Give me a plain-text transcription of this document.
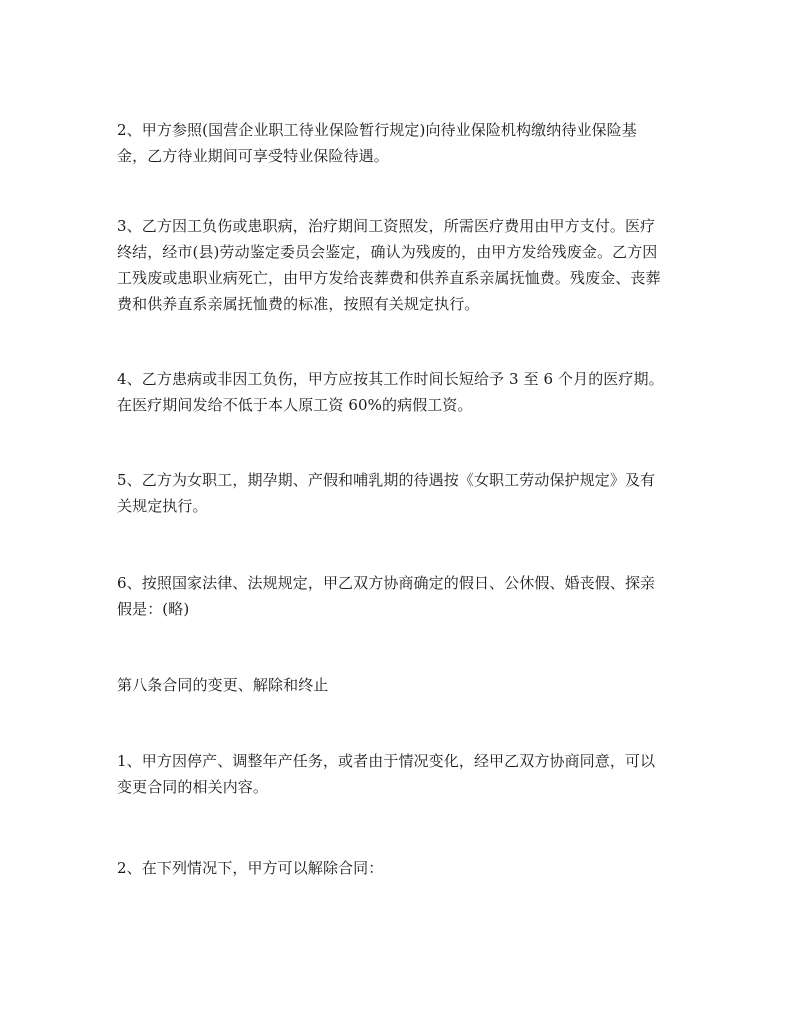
2、甲方参照(国营企业职工待业保险暂行规定)向待业保险机构缴纳待业保险基
金，乙方待业期间可享受特业保险待遇。

3、乙方因工负伤或患职病，治疗期间工资照发，所需医疗费用由甲方支付。医疗
终结，经市(县)劳动鉴定委员会鉴定，确认为残废的，由甲方发给残废金。乙方因
工残废或患职业病死亡，由甲方发给丧葬费和供养直系亲属抚恤费。残废金、丧葬
费和供养直系亲属抚恤费的标准，按照有关规定执行。

4、乙方患病或非因工负伤，甲方应按其工作时间长短给予 3 至 6 个月的医疗期。
在医疗期间发给不低于本人原工资 60%的病假工资。

5、乙方为女职工，期孕期、产假和哺乳期的待遇按《女职工劳动保护规定》及有
关规定执行。

6、按照国家法律、法规规定，甲乙双方协商确定的假日、公休假、婚丧假、探亲
假是：(略)

第八条合同的变更、解除和终止

1、甲方因停产、调整年产任务，或者由于情况变化，经甲乙双方协商同意，可以
变更合同的相关内容。

2、在下列情况下，甲方可以解除合同：
